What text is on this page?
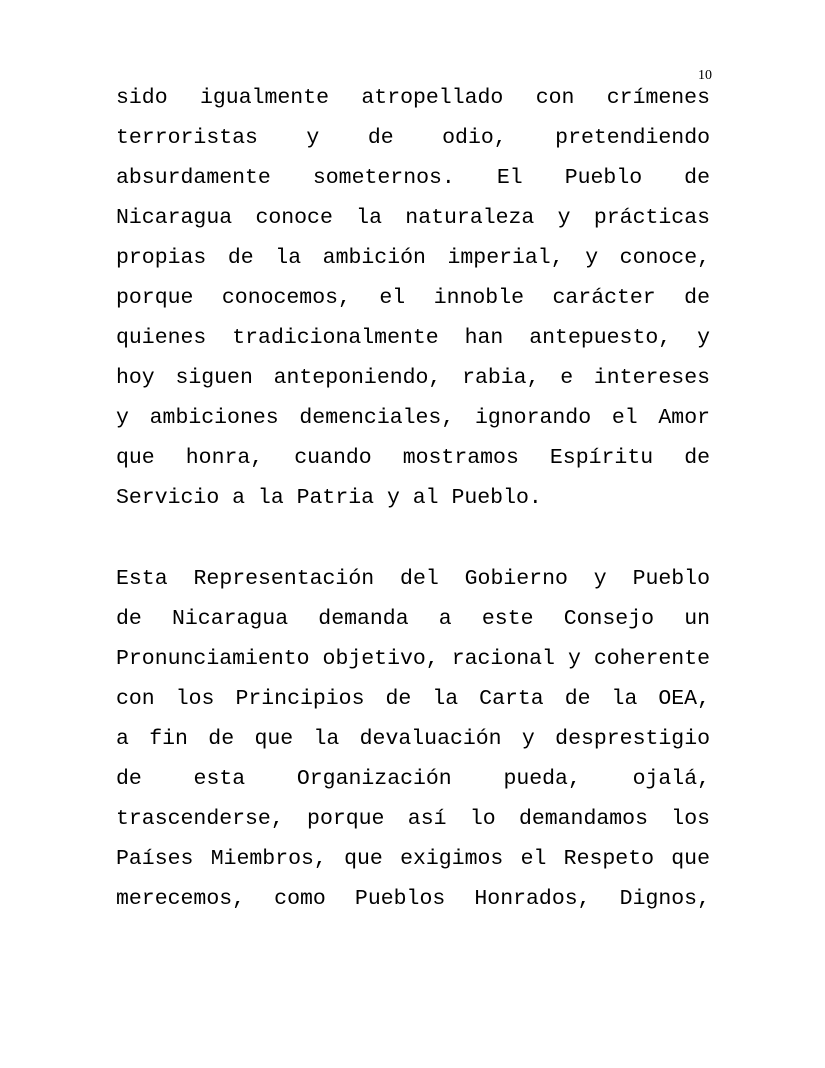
10
sido igualmente atropellado con crímenes
terroristas y de odio, pretendiendo
absurdamente someternos. El Pueblo de
Nicaragua conoce la naturaleza y prácticas
propias de la ambición imperial, y conoce,
porque conocemos, el innoble carácter de
quienes tradicionalmente han antepuesto, y
hoy siguen anteponiendo, rabia, e intereses
y ambiciones demenciales, ignorando el Amor
que honra, cuando mostramos Espíritu de
Servicio a la Patria y al Pueblo.
Esta Representación del Gobierno y Pueblo
de Nicaragua demanda a este Consejo un
Pronunciamiento objetivo, racional y coherente
con los Principios de la Carta de la OEA,
a fin de que la devaluación y desprestigio
de esta Organización pueda, ojalá,
trascenderse, porque así lo demandamos los
Países Miembros, que exigimos el Respeto que
merecemos, como Pueblos Honrados, Dignos,
